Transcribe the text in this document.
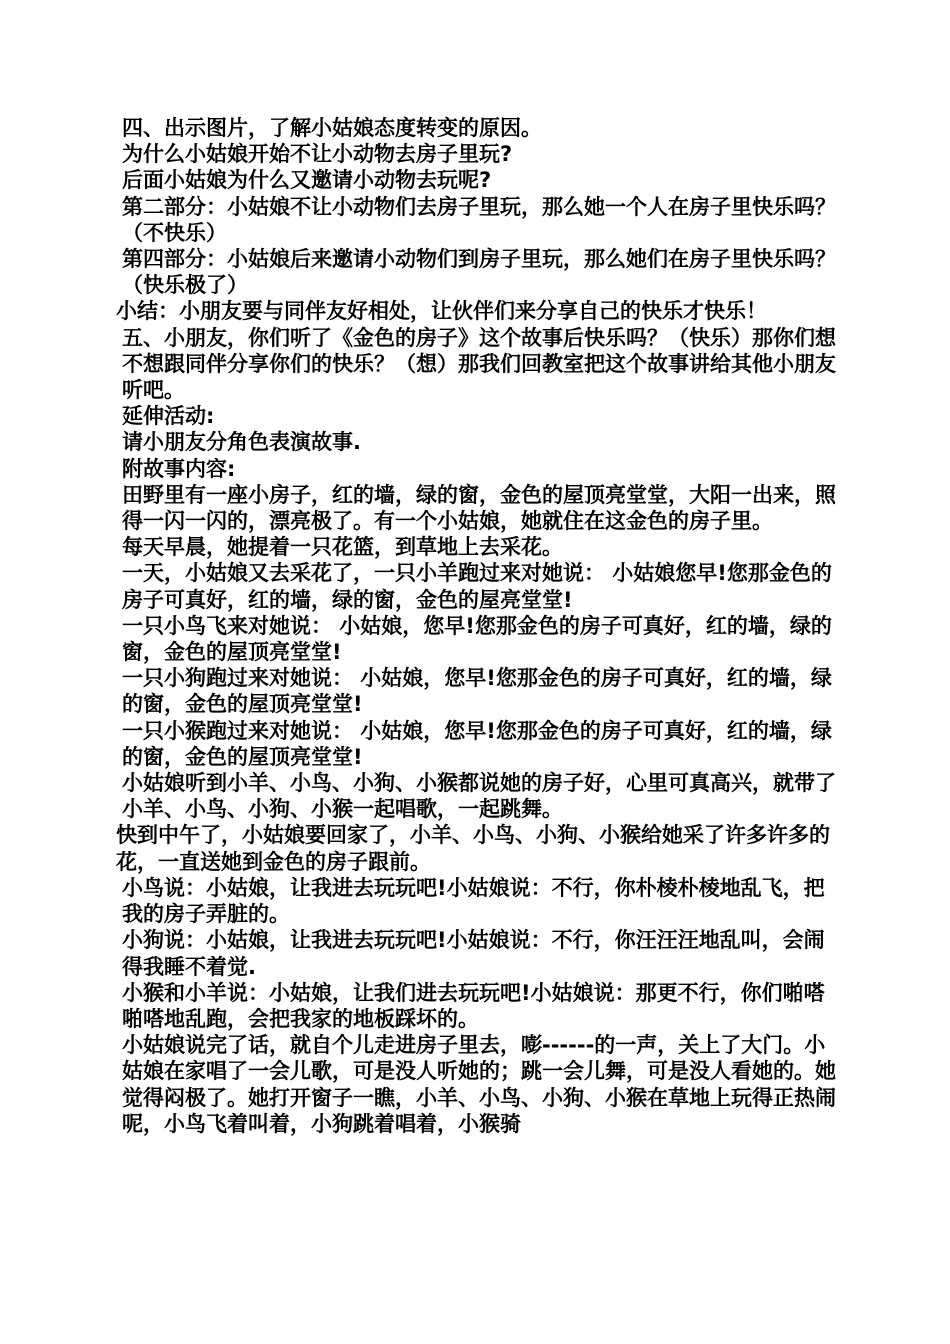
四、出示图片，了解小姑娘态度转变的原因。

为什么小姑娘开始不让小动物去房子里玩?

后面小姑娘为什么又邀请小动物去玩呢?

第二部分：小姑娘不让小动物们去房子里玩，那么她一个人在房子里快乐吗？（不快乐）

第四部分：小姑娘后来邀请小动物们到房子里玩，那么她们在房子里快乐吗？（快乐极了）

小结：小朋友要与同伴友好相处，让伙伴们来分享自己的快乐才快乐！

五、小朋友，你们听了《金色的房子》这个故事后快乐吗？（快乐）那你们想不想跟同伴分享你们的快乐？（想）那我们回教室把这个故事讲给其他小朋友听吧。

延伸活动:

请小朋友分角色表演故事.

附故事内容:

田野里有一座小房子，红的墙，绿的窗，金色的屋顶亮堂堂，大阳一出来，照得一闪一闪的，漂亮极了。有一个小姑娘，她就住在这金色的房子里。

每天早晨，她提着一只花篮，到草地上去采花。

一天，小姑娘又去采花了，一只小羊跑过来对她说： 小姑娘您早!您那金色的房子可真好，红的墙，绿的窗，金色的屋亮堂堂!

一只小鸟飞来对她说： 小姑娘，您早!您那金色的房子可真好，红的墙，绿的窗，金色的屋顶亮堂堂!

一只小狗跑过来对她说： 小姑娘，您早!您那金色的房子可真好，红的墙，绿的窗，金色的屋顶亮堂堂!

一只小猴跑过来对她说： 小姑娘，您早!您那金色的房子可真好，红的墙，绿的窗，金色的屋顶亮堂堂!

小姑娘听到小羊、小鸟、小狗、小猴都说她的房子好，心里可真高兴，就带了小羊、小鸟、小狗、小猴一起唱歌，一起跳舞。

快到中午了，小姑娘要回家了，小羊、小鸟、小狗、小猴给她采了许多许多的花，一直送她到金色的房子跟前。

小鸟说：小姑娘，让我进去玩玩吧!小姑娘说：不行，你朴棱朴棱地乱飞，把我的房子弄脏的。

小狗说：小姑娘，让我进去玩玩吧!小姑娘说：不行，你汪汪汪地乱叫，会闹得我睡不着觉.

小猴和小羊说：小姑娘，让我们进去玩玩吧!小姑娘说：那更不行，你们啪嗒啪嗒地乱跑，会把我家的地板踩坏的。

小姑娘说完了话，就自个儿走进房子里去，嘭------的一声，关上了大门。小姑娘在家唱了一会儿歌，可是没人听她的；跳一会儿舞，可是没人看她的。她觉得闷极了。她打开窗子一瞧，小羊、小鸟、小狗、小猴在草地上玩得正热闹呢，小鸟飞着叫着，小狗跳着唱着，小猴骑
